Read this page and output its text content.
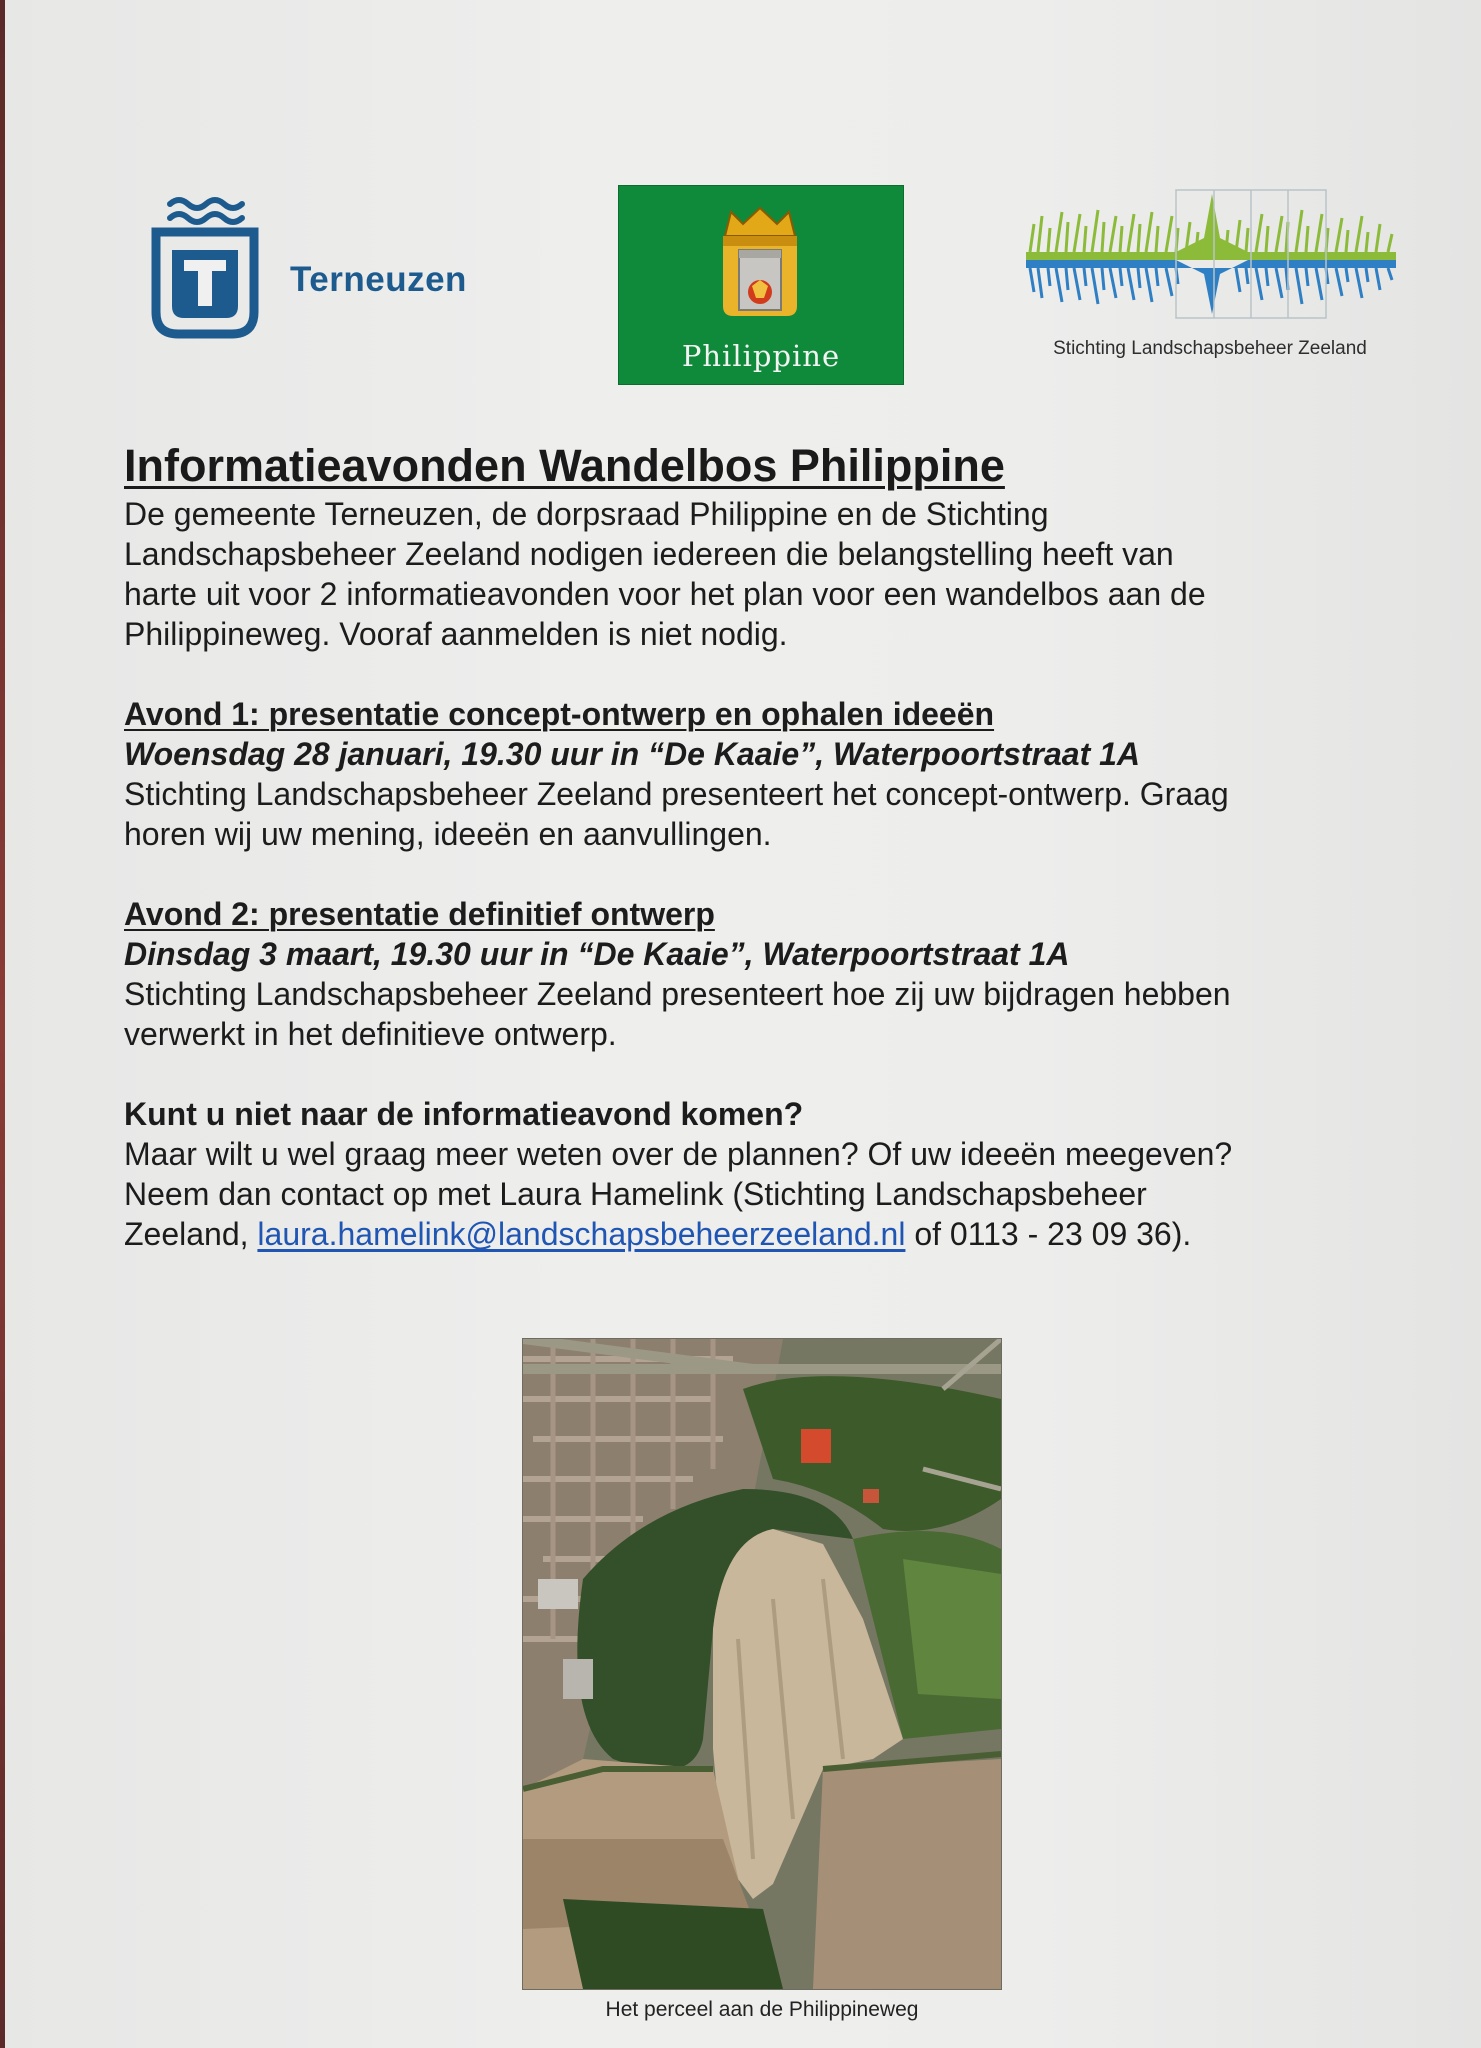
Terneuzen
Philippine	Stichting Landschapsbeheer Zeeland
Informatieavonden Wandelbos Philippine

De gemeente Terneuzen, de dorpsraad Philippine en de Stichting

Landschapsbeheer Zeeland nodigen iedereen die belangstelling heeft van

harte uit voor 2 informatieavonden voor het plan voor een wandelbos aan de

Philippineweg. Vooraf aanmelden is niet nodig.

Avond 1: presentatie concept-ontwerp en ophalen ideeën

Woensdag 28 januari, 19.30 uur in “De Kaaie”, Waterpoortstraat 1A

Stichting Landschapsbeheer Zeeland presenteert het concept-ontwerp. Graag

horen wij uw mening, ideeën en aanvullingen.

Avond 2: presentatie definitief ontwerp

Dinsdag 3 maart, 19.30 uur in “De Kaaie”, Waterpoortstraat 1A

Stichting Landschapsbeheer Zeeland presenteert hoe zij uw bijdragen hebben

verwerkt in het definitieve ontwerp.

Kunt u niet naar de informatieavond komen?

Maar wilt u wel graag meer weten over de plannen? Of uw ideeën meegeven?

Neem dan contact op met Laura Hamelink (Stichting Landschapsbeheer

Zeeland, laura.hamelink@landschapsbeheerzeeland.nl of 0113 - 23 09 36).

Het perceel aan de Philippineweg
